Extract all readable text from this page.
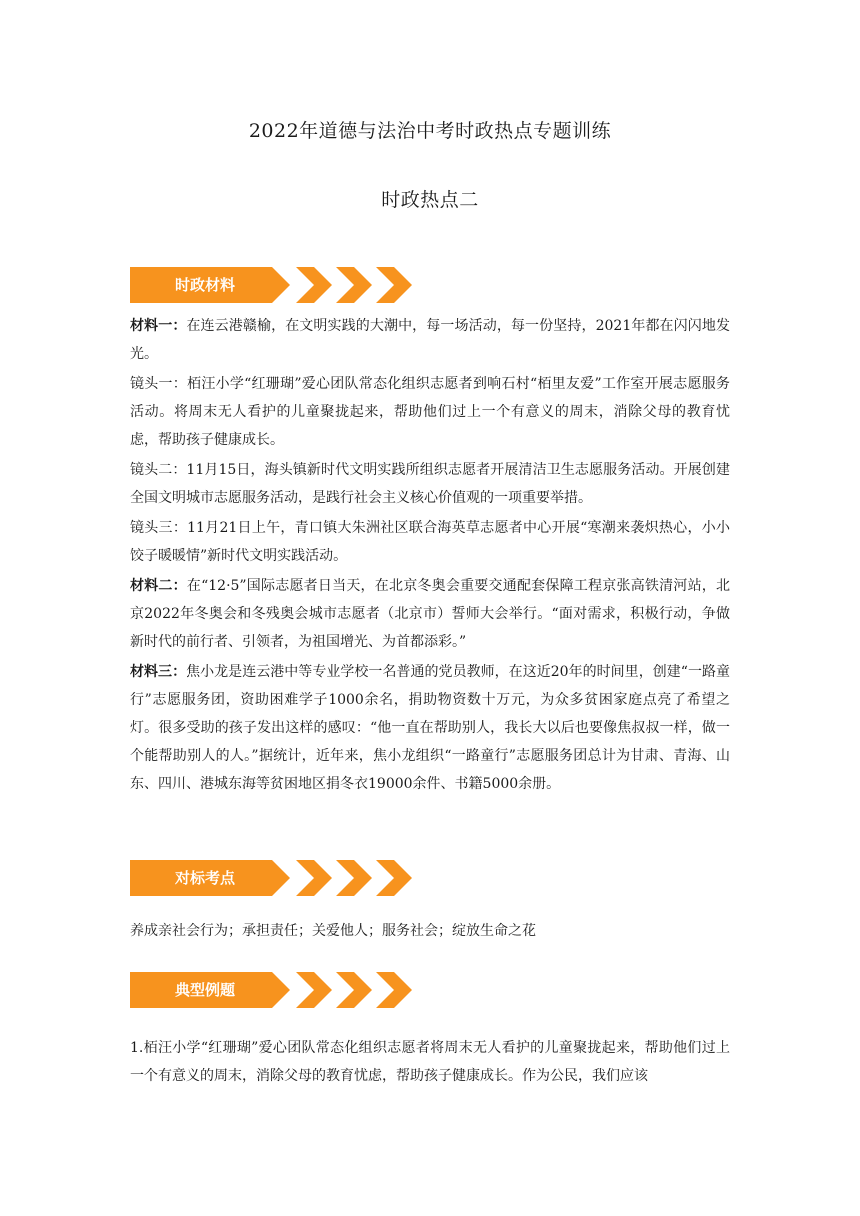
2022年道德与法治中考时政热点专题训练
时政热点二
时政材料

材料一：在连云港赣榆，在文明实践的大潮中，每一场活动，每一份坚持，2021年都在闪闪地发光。

镜头一：栢汪小学“红珊瑚”爱心团队常态化组织志愿者到响石村“栢里友爱”工作室开展志愿服务活动。将周末无人看护的儿童聚拢起来，帮助他们过上一个有意义的周末，消除父母的教育忧虑，帮助孩子健康成长。

镜头二：11月15日，海头镇新时代文明实践所组织志愿者开展清洁卫生志愿服务活动。开展创建全国文明城市志愿服务活动，是践行社会主义核心价值观的一项重要举措。

镜头三：11月21日上午，青口镇大朱洲社区联合海英草志愿者中心开展“寒潮来袭炽热心，小小饺子暖暖情”新时代文明实践活动。

材料二：在“12·5”国际志愿者日当天，在北京冬奥会重要交通配套保障工程京张高铁清河站，北京2022年冬奥会和冬残奥会城市志愿者（北京市）誓师大会举行。“面对需求，积极行动，争做新时代的前行者、引领者，为祖国增光、为首都添彩。”

材料三：焦小龙是连云港中等专业学校一名普通的党员教师，在这近20年的时间里，创建“一路童行”志愿服务团，资助困难学子1000余名，捐助物资数十万元，为众多贫困家庭点亮了希望之灯。很多受助的孩子发出这样的感叹：“他一直在帮助别人，我长大以后也要像焦叔叔一样，做一个能帮助别人的人。”据统计，近年来，焦小龙组织“一路童行”志愿服务团总计为甘肃、青海、山东、四川、港城东海等贫困地区捐冬衣19000余件、书籍5000余册。

对标考点

养成亲社会行为；承担责任；关爱他人；服务社会；绽放生命之花

典型例题

1.栢汪小学“红珊瑚”爱心团队常态化组织志愿者将周末无人看护的儿童聚拢起来，帮助他们过上一个有意义的周末，消除父母的教育忧虑，帮助孩子健康成长。作为公民，我们应该
